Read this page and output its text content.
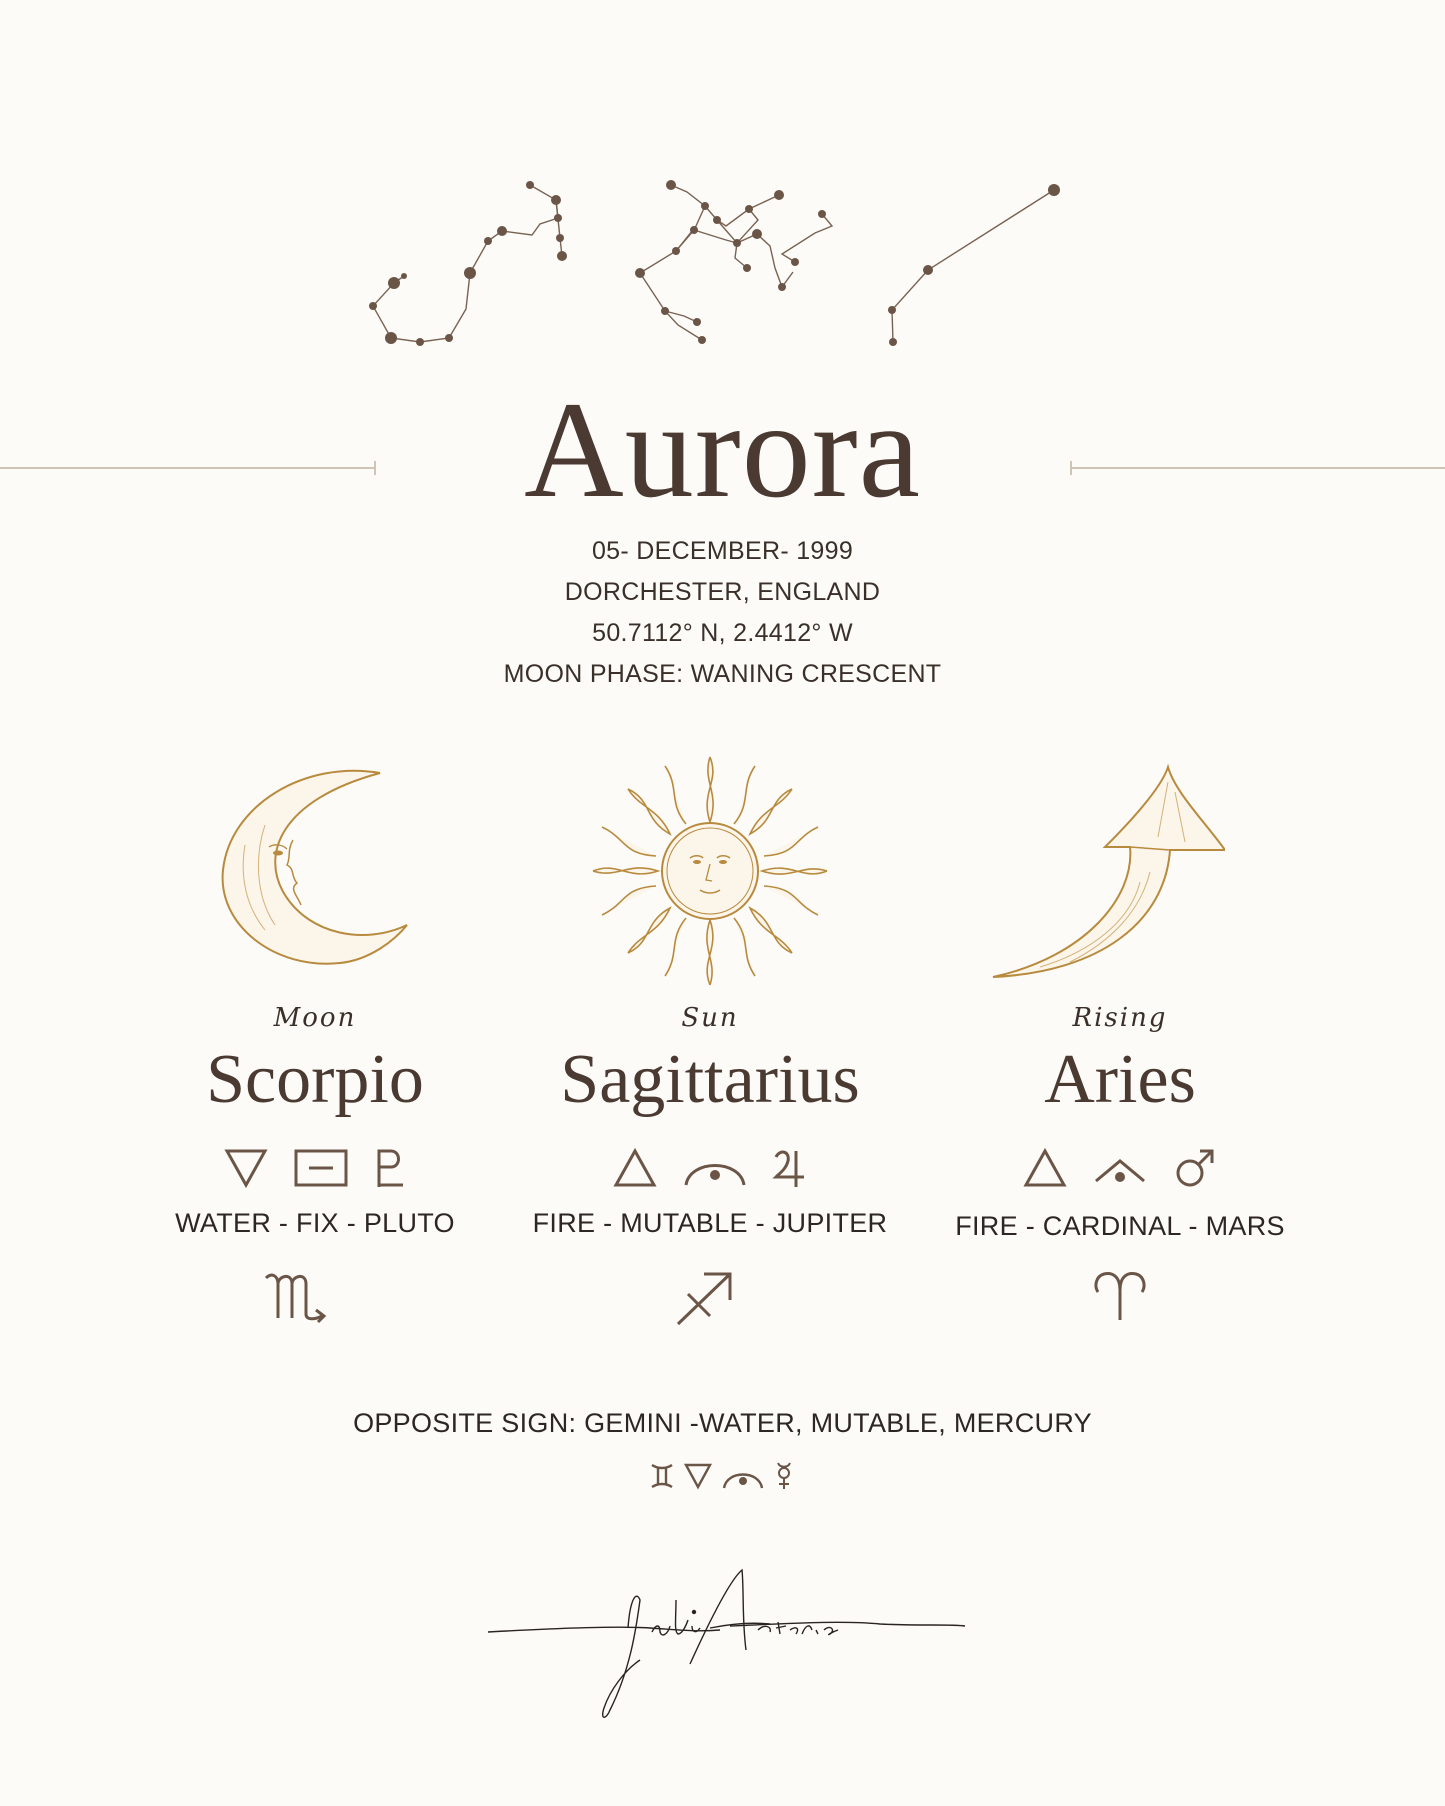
Aurora
05- DECEMBER- 1999
DORCHESTER, ENGLAND
50.7112° N, 2.4412° W
MOON PHASE: WANING CRESCENT
Moon
Scorpio
WATER - FIX - PLUTO
Sun
Sagittarius
FIRE - MUTABLE - JUPITER
Rising
Aries
FIRE - CARDINAL - MARS
OPPOSITE SIGN: GEMINI -WATER, MUTABLE, MERCURY
julieAsteria
